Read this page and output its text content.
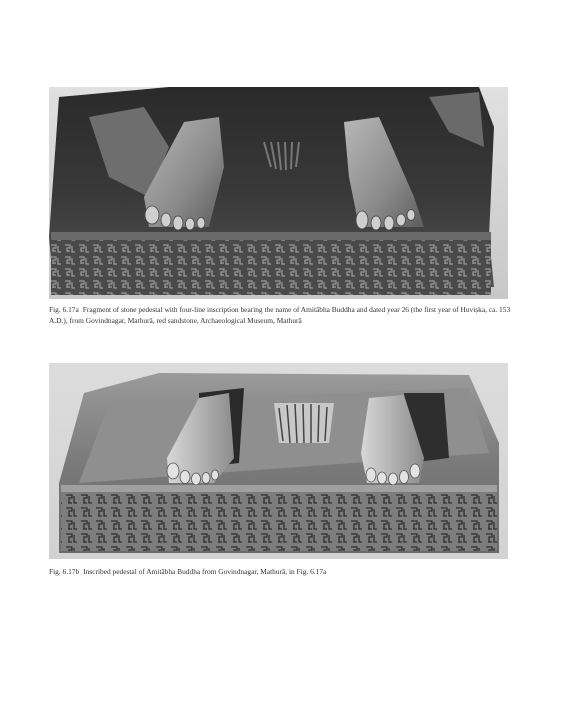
Fig. 6.17a Fragment of stone pedestal with four-line inscription bearing the name of Amitābha Buddha and dated year 26 (the first year of Huviṣka, ca. 153 A.D.), from Govindnagar, Mathurā, red sandstone, Archaeological Museum, Mathurā

Fig. 6.17b Inscribed pedestal of Amitābha Buddha from Govindnagar, Mathurā, in Fig. 6.17a
